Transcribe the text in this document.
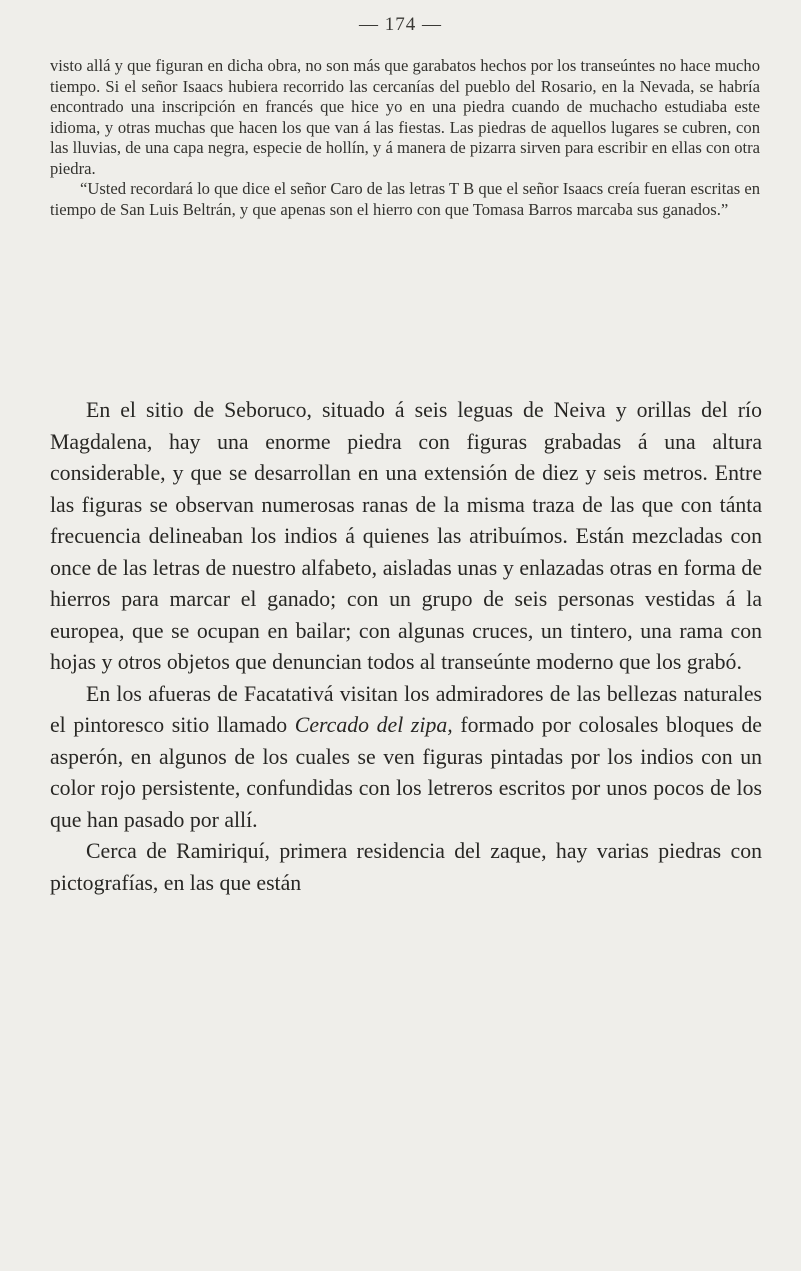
— 174 —

visto allá y que figuran en dicha obra, no son más que garabatos hechos por los transeúntes no hace mucho tiempo. Si el señor Isaacs hubiera recorrido las cercanías del pueblo del Rosario, en la Nevada, se habría encontrado una inscripción en francés que hice yo en una piedra cuando de muchacho estudiaba este idioma, y otras muchas que hacen los que van á las fiestas. Las piedras de aquellos lugares se cubren, con las lluvias, de una capa negra, especie de hollín, y á manera de pizarra sirven para escribir en ellas con otra piedra.

“Usted recordará lo que dice el señor Caro de las letras T B que el señor Isaacs creía fueran escritas en tiempo de San Luis Beltrán, y que apenas son el hierro con que Tomasa Barros marcaba sus ganados.”

En el sitio de Seboruco, situado á seis leguas de Neiva y orillas del río Magdalena, hay una enorme piedra con figuras grabadas á una altura considerable, y que se desarrollan en una extensión de diez y seis metros. Entre las figuras se observan numerosas ranas de la misma traza de las que con tánta frecuencia delineaban los indios á quienes las atribuímos. Están mezcladas con once de las letras de nuestro alfabeto, aisladas unas y enlazadas otras en forma de hierros para marcar el ganado; con un grupo de seis personas vestidas á la europea, que se ocupan en bailar; con algunas cruces, un tintero, una rama con hojas y otros objetos que denuncian todos al transeúnte moderno que los grabó.

En los afueras de Facatativá visitan los admiradores de las bellezas naturales el pintoresco sitio llamado Cercado del zipa, formado por colosales bloques de asperón, en algunos de los cuales se ven figuras pintadas por los indios con un color rojo persistente, confundidas con los letreros escritos por unos pocos de los que han pasado por allí.

Cerca de Ramiriquí, primera residencia del zaque, hay varias piedras con pictografías, en las que están
